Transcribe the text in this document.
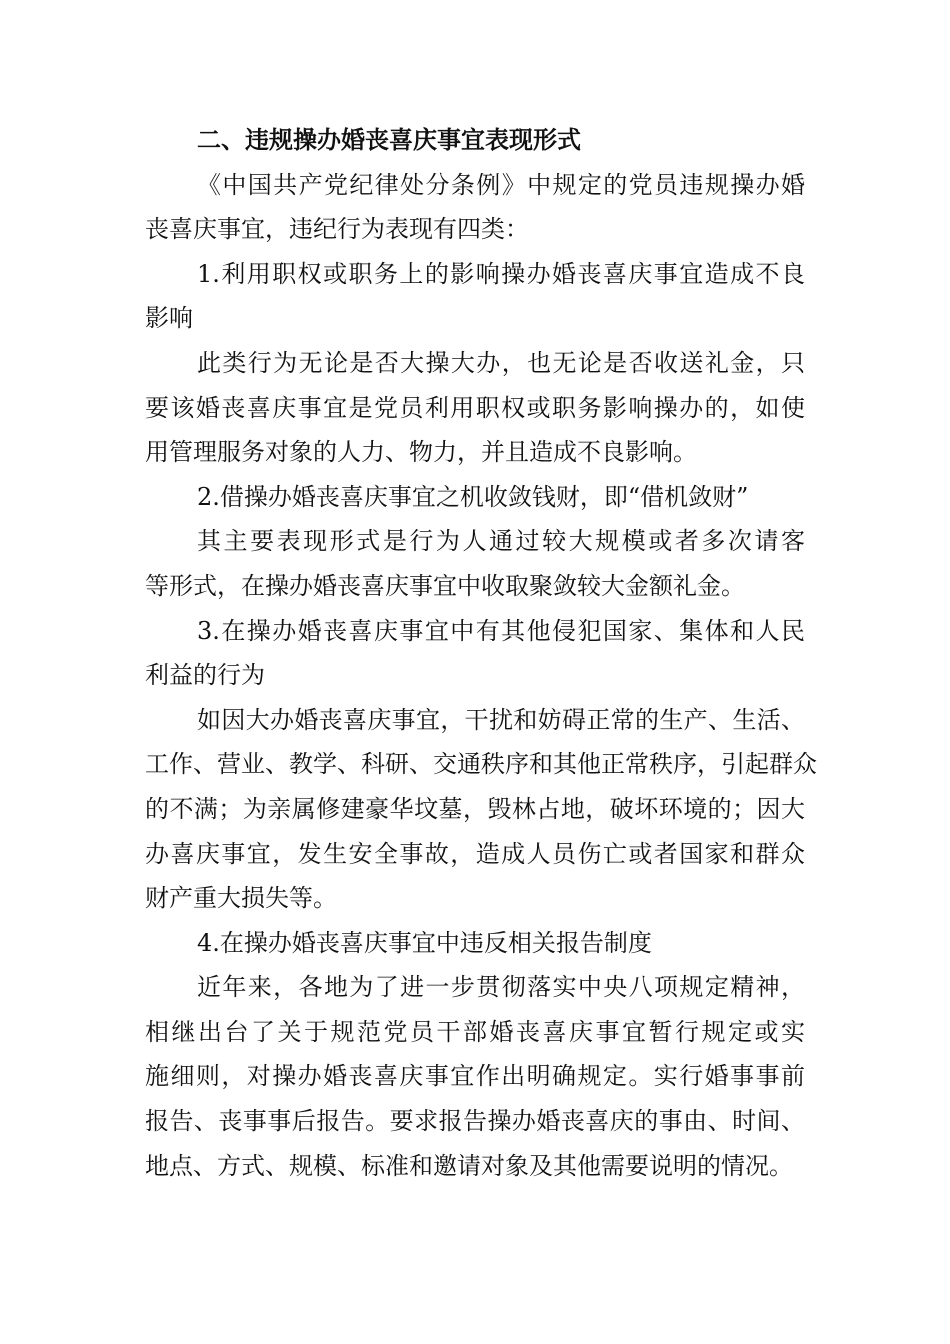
二、违规操办婚丧喜庆事宜表现形式
《中国共产党纪律处分条例》中规定的党员违规操办婚
丧喜庆事宜，违纪行为表现有四类：
1.利用职权或职务上的影响操办婚丧喜庆事宜造成不良
影响
此类行为无论是否大操大办，也无论是否收送礼金，只
要该婚丧喜庆事宜是党员利用职权或职务影响操办的，如使
用管理服务对象的人力、物力，并且造成不良影响。
2.借操办婚丧喜庆事宜之机收敛钱财，即“借机敛财”
其主要表现形式是行为人通过较大规模或者多次请客
等形式，在操办婚丧喜庆事宜中收取聚敛较大金额礼金。
3.在操办婚丧喜庆事宜中有其他侵犯国家、集体和人民
利益的行为
如因大办婚丧喜庆事宜，干扰和妨碍正常的生产、生活、
工作、营业、教学、科研、交通秩序和其他正常秩序，引起群众
的不满；为亲属修建豪华坟墓，毁林占地，破坏环境的；因大
办喜庆事宜，发生安全事故，造成人员伤亡或者国家和群众
财产重大损失等。
4.在操办婚丧喜庆事宜中违反相关报告制度
近年来，各地为了进一步贯彻落实中央八项规定精神，
相继出台了关于规范党员干部婚丧喜庆事宜暂行规定或实
施细则，对操办婚丧喜庆事宜作出明确规定。实行婚事事前
报告、丧事事后报告。要求报告操办婚丧喜庆的事由、时间、
地点、方式、规模、标准和邀请对象及其他需要说明的情况。
